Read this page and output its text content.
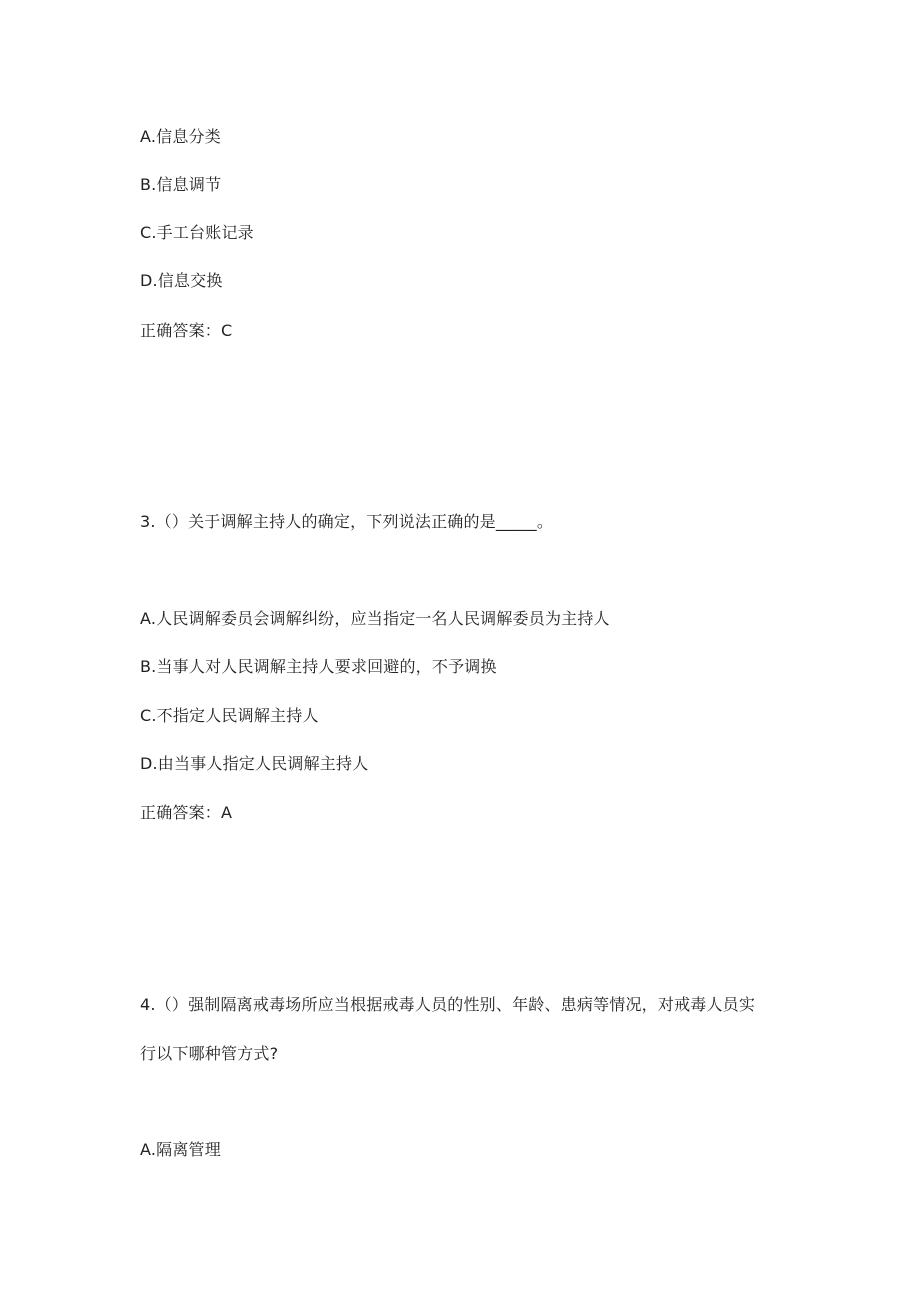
A.信息分类
B.信息调节
C.手工台账记录
D.信息交换
正确答案：C
3.（）关于调解主持人的确定，下列说法正确的是_____。
A.人民调解委员会调解纠纷，应当指定一名人民调解委员为主持人
B.当事人对人民调解主持人要求回避的，不予调换
C.不指定人民调解主持人
D.由当事人指定人民调解主持人
正确答案：A
4.（）强制隔离戒毒场所应当根据戒毒人员的性别、年龄、患病等情况，对戒毒人员实
行以下哪种管方式?
A.隔离管理
